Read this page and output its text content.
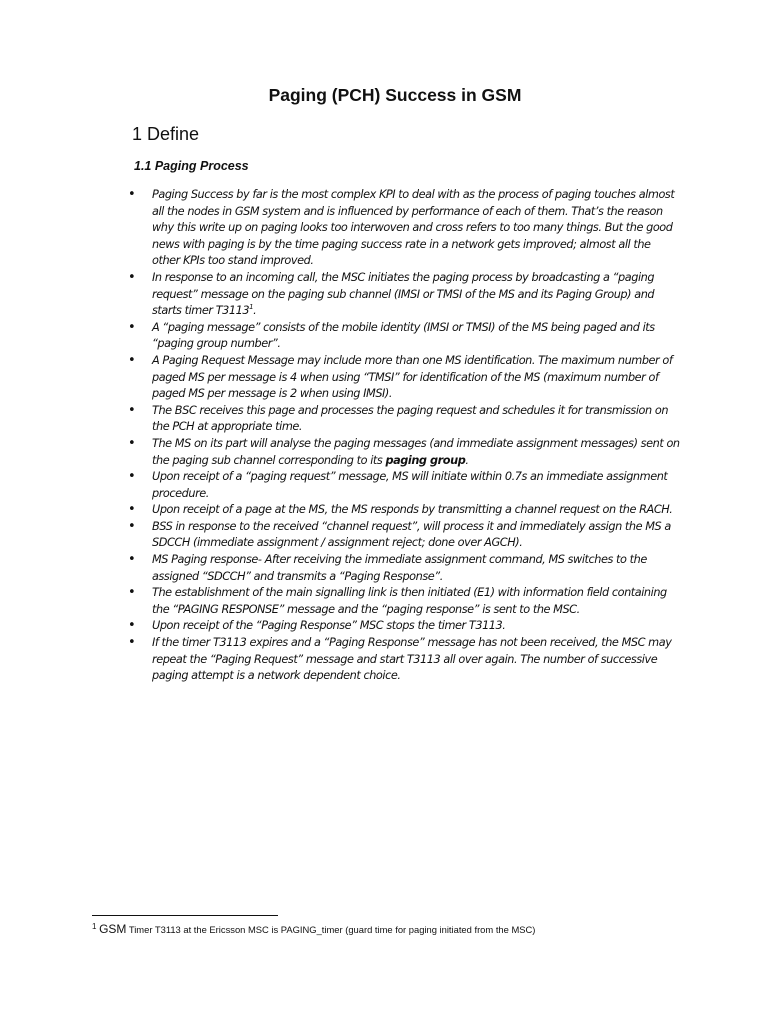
Paging (PCH) Success in GSM
1 Define
1.1 Paging Process
• Paging Success by far is the most complex KPI to deal with as the process of paging touches almost all the nodes in GSM system and is influenced by performance of each of them. That’s the reason why this write up on paging looks too interwoven and cross refers to too many things. But the good news with paging is by the time paging success rate in a network gets improved; almost all the other KPIs too stand improved.
• In response to an incoming call, the MSC initiates the paging process by broadcasting a “paging request” message on the paging sub channel (IMSI or TMSI of the MS and its Paging Group) and starts timer T3113$^1$.
• A “paging message” consists of the mobile identity (IMSI or TMSI) of the MS being paged and its “paging group number”.
• A Paging Request Message may include more than one MS identification. The maximum number of paged MS per message is 4 when using “TMSI” for identification of the MS (maximum number of paged MS per message is 2 when using IMSI).
• The BSC receives this page and processes the paging request and schedules it for transmission on the PCH at appropriate time.
• The MS on its part will analyse the paging messages (and immediate assignment messages) sent on the paging sub channel corresponding to its paging group.
• Upon receipt of a “paging request” message, MS will initiate within 0.7s an immediate assignment procedure.
• Upon receipt of a page at the MS, the MS responds by transmitting a channel request on the RACH.
• BSS in response to the received “channel request”, will process it and immediately assign the MS a SDCCH (immediate assignment / assignment reject; done over AGCH).
• MS Paging response- After receiving the immediate assignment command, MS switches to the assigned “SDCCH” and transmits a “Paging Response”.
• The establishment of the main signalling link is then initiated (E1) with information field containing the “PAGING RESPONSE” message and the “paging response” is sent to the MSC.
• Upon receipt of the “Paging Response” MSC stops the timer T3113.
• If the timer T3113 expires and a “Paging Response” message has not been received, the MSC may repeat the “Paging Request” message and start T3113 all over again. The number of successive paging attempt is a network dependent choice.
$^1$ GSM Timer T3113 at the Ericsson MSC is PAGING_timer (guard time for paging initiated from the MSC)
